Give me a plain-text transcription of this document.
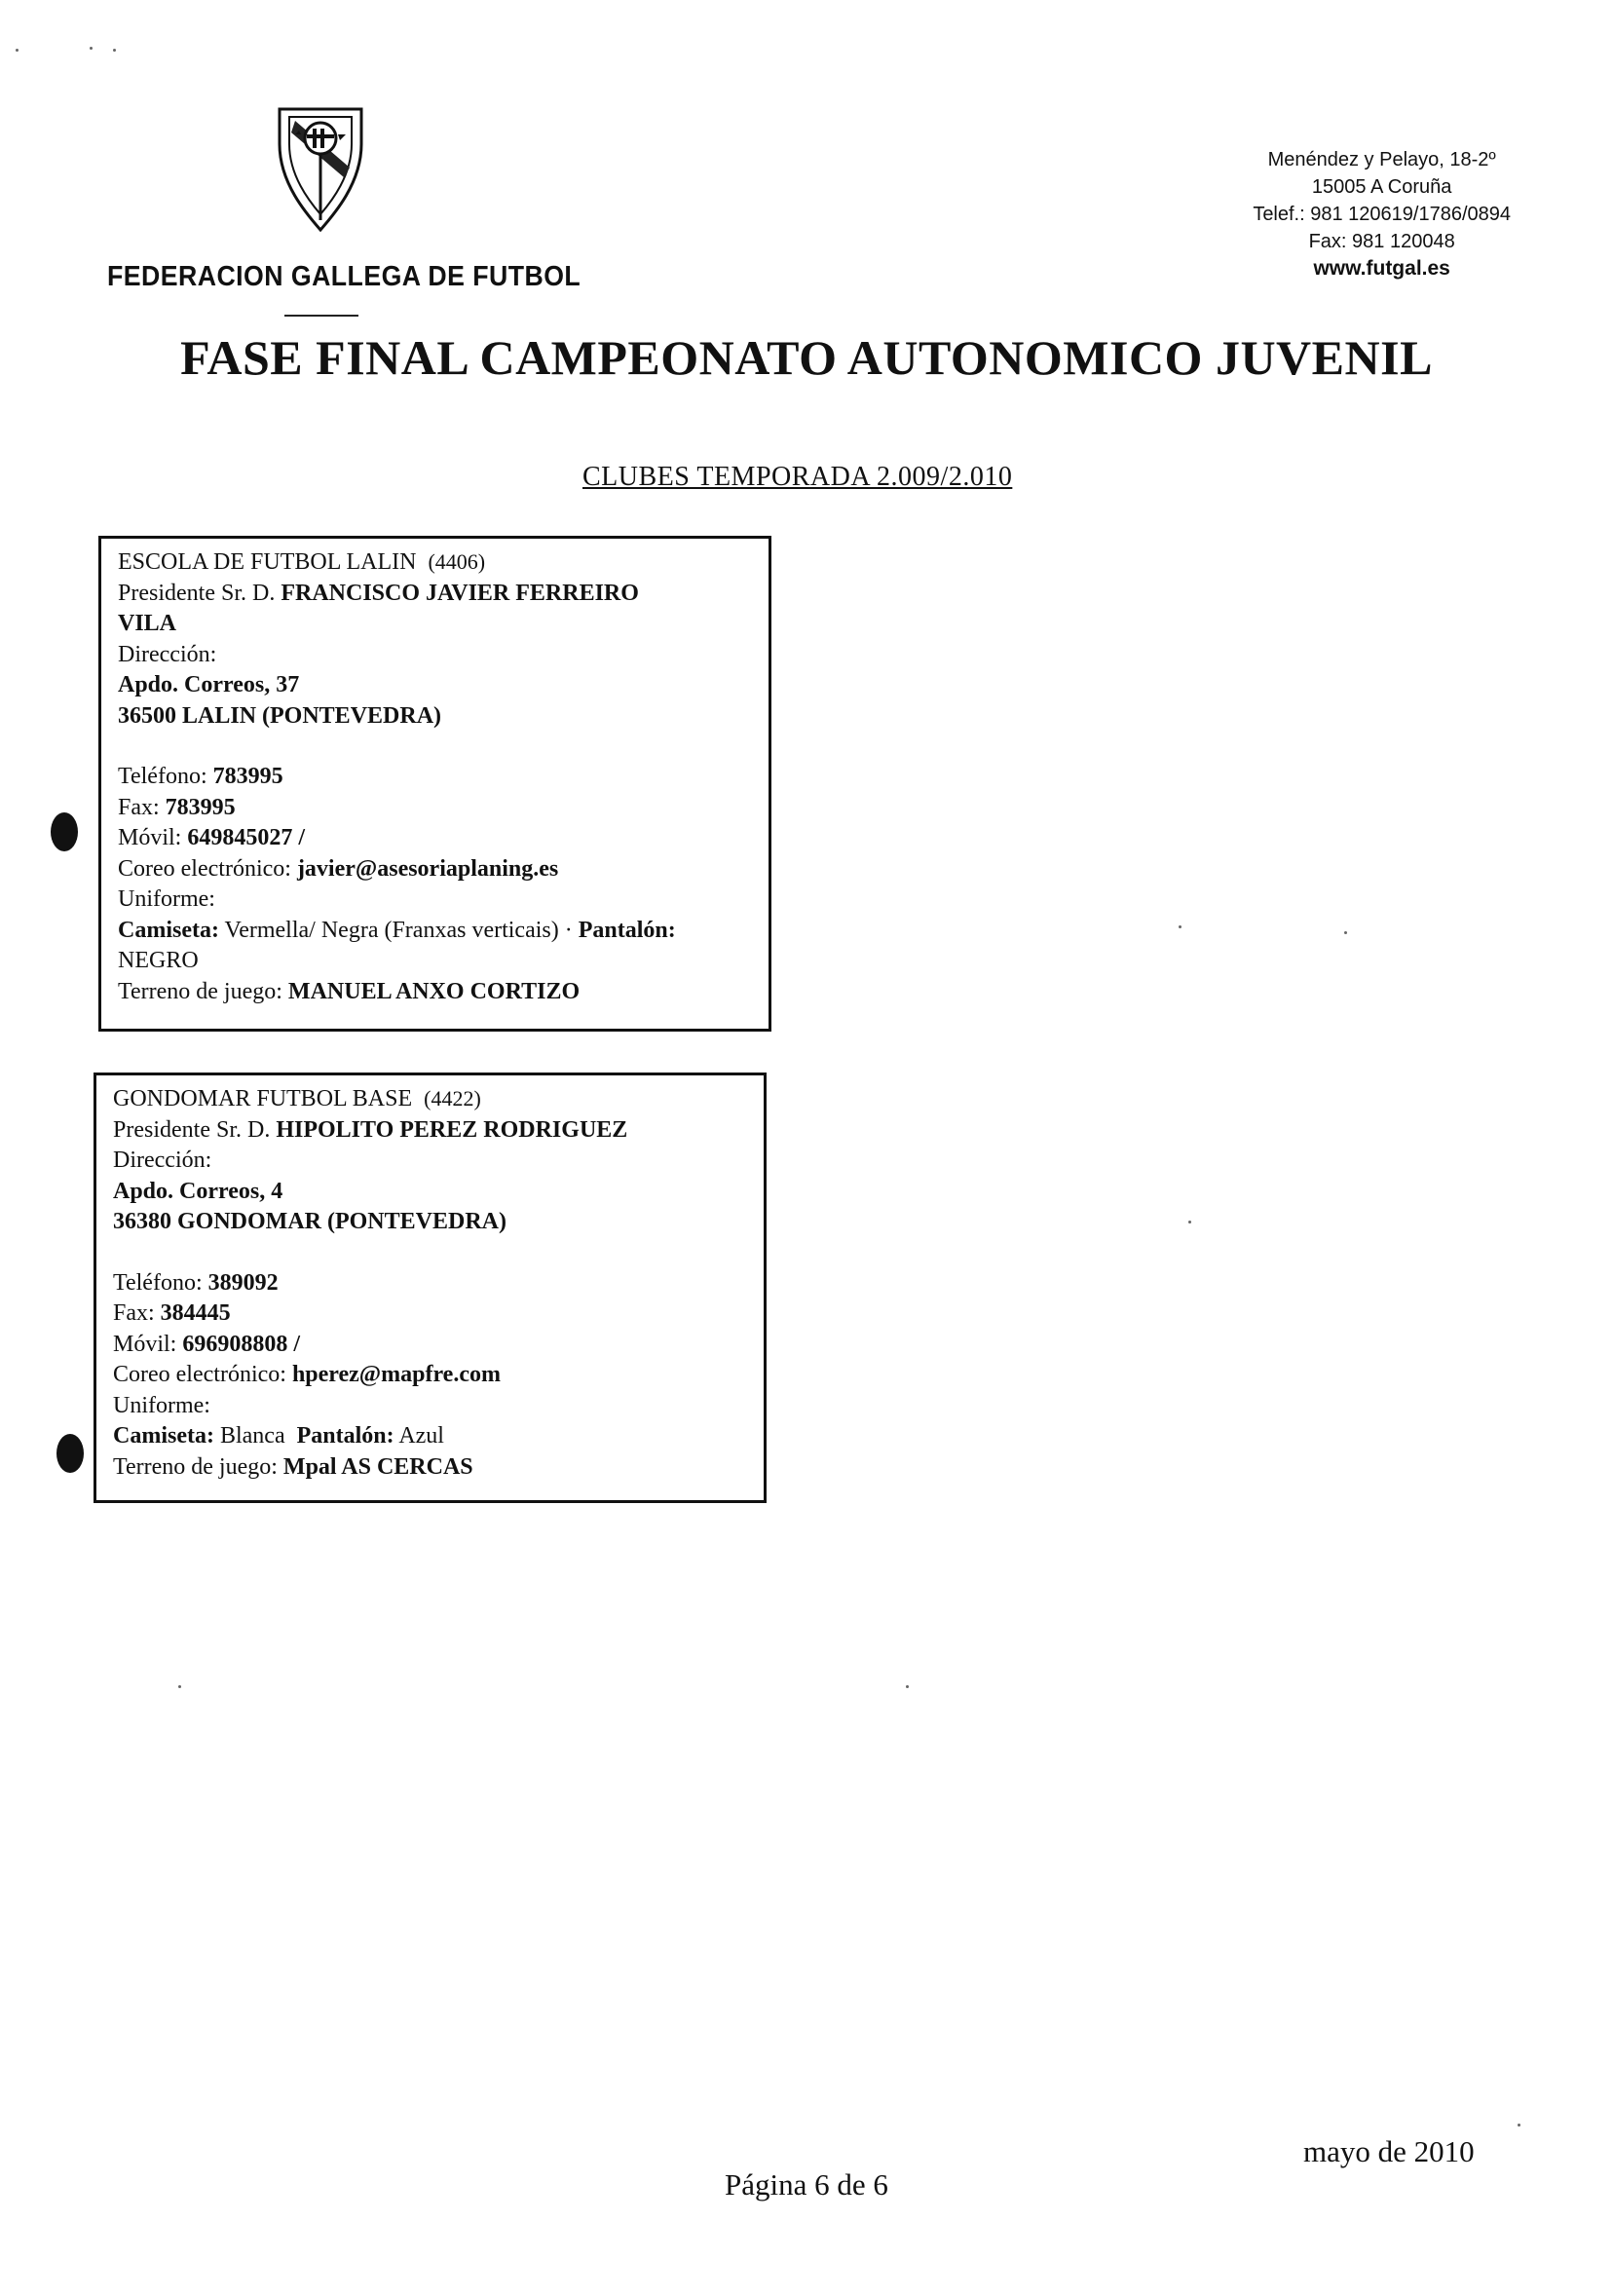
FEDERACION GALLEGA DE FUTBOL
Menéndez y Pelayo, 18-2º
15005 A Coruña
Telef.: 981 120619/1786/0894
Fax: 981 120048
www.futgal.es
FASE FINAL CAMPEONATO AUTONOMICO JUVENIL
CLUBES TEMPORADA 2.009/2.010
ESCOLA DE FUTBOL LALIN (4406)
Presidente Sr. D. FRANCISCO JAVIER FERREIRO
VILA
Dirección:
Apdo. Correos, 37
36500 LALIN (PONTEVEDRA)
Teléfono: 783995
Fax: 783995
Móvil: 649845027 /
Coreo electrónico: javier@asesoriaplaning.es
Uniforme:
Camiseta: Vermella/ Negra (Franxas verticais) · Pantalón:
NEGRO
Terreno de juego: MANUEL ANXO CORTIZO
GONDOMAR FUTBOL BASE (4422)
Presidente Sr. D. HIPOLITO PEREZ RODRIGUEZ
Dirección:
Apdo. Correos, 4
36380 GONDOMAR (PONTEVEDRA)
Teléfono: 389092
Fax: 384445
Móvil: 696908808 /
Coreo electrónico: hperez@mapfre.com
Uniforme:
Camiseta: Blanca Pantalón: Azul
Terreno de juego: Mpal AS CERCAS
mayo de 2010
Página 6 de 6
